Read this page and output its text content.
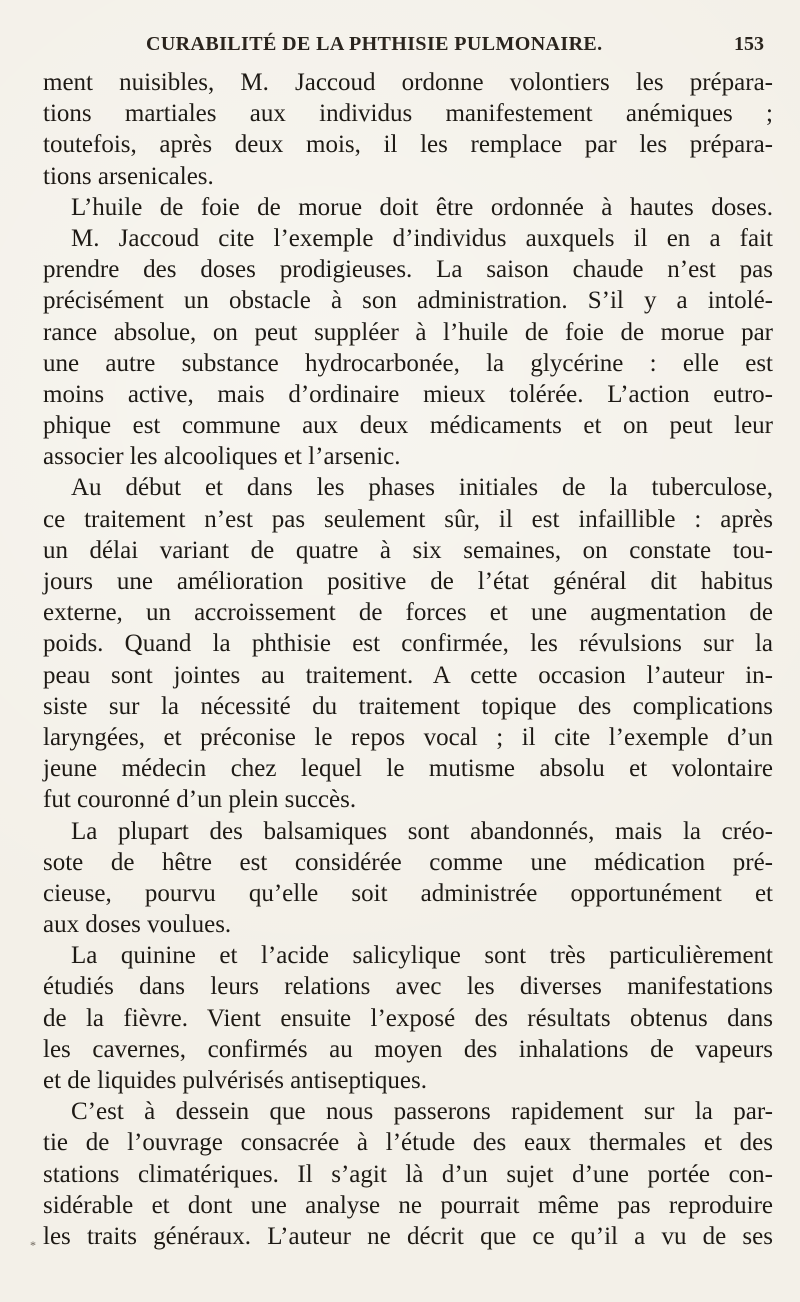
CURABILITÉ DE LA PHTHISIE PULMONAIRE.	153
ment nuisibles, M. Jaccoud ordonne volontiers les prépara-
tions martiales aux individus manifestement anémiques ;
toutefois, après deux mois, il les remplace par les prépara-
tions arsenicales.
L’huile de foie de morue doit être ordonnée à hautes doses.
M. Jaccoud cite l’exemple d’individus auxquels il en a fait
prendre des doses prodigieuses. La saison chaude n’est pas
précisément un obstacle à son administration. S’il y a intolé-
rance absolue, on peut suppléer à l’huile de foie de morue par
une autre substance hydrocarbonée, la glycérine : elle est
moins active, mais d’ordinaire mieux tolérée. L’action eutro-
phique est commune aux deux médicaments et on peut leur
associer les alcooliques et l’arsenic.
Au début et dans les phases initiales de la tuberculose,
ce traitement n’est pas seulement sûr, il est infaillible : après
un délai variant de quatre à six semaines, on constate tou-
jours une amélioration positive de l’état général dit habitus
externe, un accroissement de forces et une augmentation de
poids. Quand la phthisie est confirmée, les révulsions sur la
peau sont jointes au traitement. A cette occasion l’auteur in-
siste sur la nécessité du traitement topique des complications
laryngées, et préconise le repos vocal ; il cite l’exemple d’un
jeune médecin chez lequel le mutisme absolu et volontaire
fut couronné d’un plein succès.
La plupart des balsamiques sont abandonnés, mais la créo-
sote de hêtre est considérée comme une médication pré-
cieuse, pourvu qu’elle soit administrée opportunément et
aux doses voulues.
La quinine et l’acide salicylique sont très particulièrement
étudiés dans leurs relations avec les diverses manifestations
de la fièvre. Vient ensuite l’exposé des résultats obtenus dans
les cavernes, confirmés au moyen des inhalations de vapeurs
et de liquides pulvérisés antiseptiques.
C’est à dessein que nous passerons rapidement sur la par-
tie de l’ouvrage consacrée à l’étude des eaux thermales et des
stations climatériques. Il s’agit là d’un sujet d’une portée con-
sidérable et dont une analyse ne pourrait même pas reproduire
les traits généraux. L’auteur ne décrit que ce qu’il a vu de ses
*
